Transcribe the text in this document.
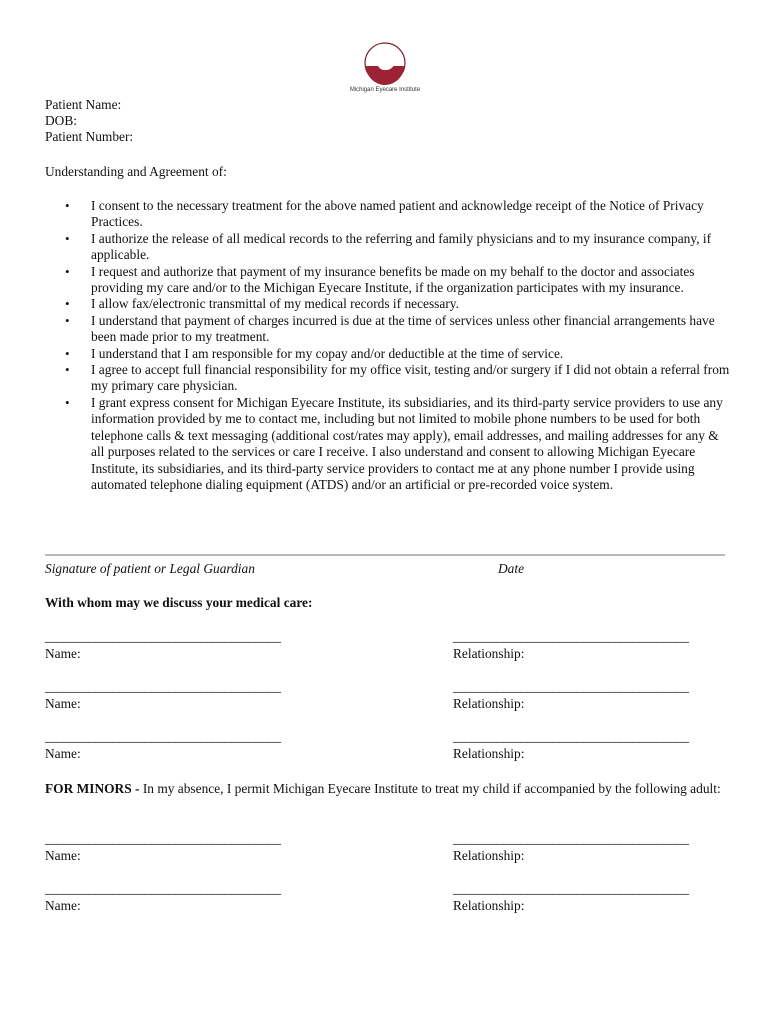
Michigan Eyecare Institute
Patient Name:
DOB:
Patient Number:
Understanding and Agreement of:
• I consent to the necessary treatment for the above named patient and acknowledge receipt of the Notice of Privacy Practices.
• I authorize the release of all medical records to the referring and family physicians and to my insurance company, if applicable.
• I request and authorize that payment of my insurance benefits be made on my behalf to the doctor and associates providing my care and/or to the Michigan Eyecare Institute, if the organization participates with my insurance.
• I allow fax/electronic transmittal of my medical records if necessary.
• I understand that payment of charges incurred is due at the time of services unless other financial arrangements have been made prior to my treatment.
• I understand that I am responsible for my copay and/or deductible at the time of service.
• I agree to accept full financial responsibility for my office visit, testing and/or surgery if I did not obtain a referral from my primary care physician.
• I grant express consent for Michigan Eyecare Institute, its subsidiaries, and its third-party service providers to use any information provided by me to contact me, including but not limited to mobile phone numbers to be used for both telephone calls & text messaging (additional cost/rates may apply), email addresses, and mailing addresses for any & all purposes related to the services or care I receive. I also understand and consent to allowing Michigan Eyecare Institute, its subsidiaries, and its third-party service providers to contact me at any phone number I provide using automated telephone dialing equipment (ATDS) and/or an artificial or pre-recorded voice system.
Signature of patient or Legal Guardian	Date
With whom may we discuss your medical care:
______________________________________	______________________________________
Name:	Relationship:
______________________________________	______________________________________
Name:	Relationship:
______________________________________	______________________________________
Name:	Relationship:
FOR MINORS - In my absence, I permit Michigan Eyecare Institute to treat my child if accompanied by the following adult:
______________________________________	______________________________________
Name:	Relationship:
______________________________________	______________________________________
Name:	Relationship:
